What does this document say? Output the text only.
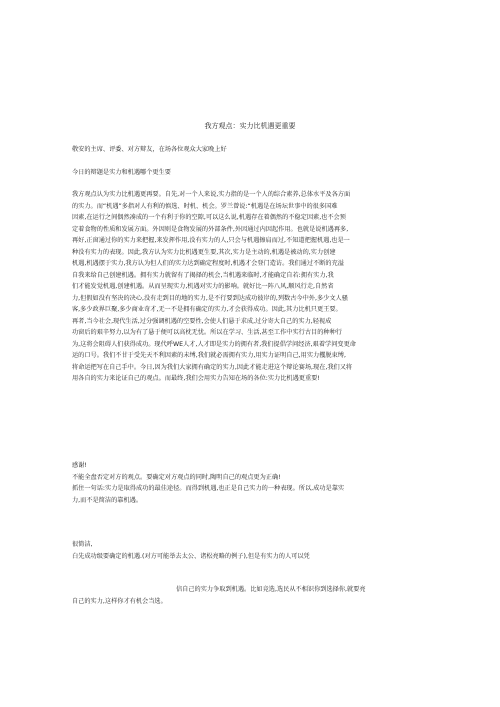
我方观点：实力比机遇更重要
敬安的主席、评委、对方辩友，在场各位观众大家晚上好
今日的辩题是实力和机遇哪个更生要
我方观点认为实力比机遇更再要。自先,对一个人来说,实力指的是一个人的综合素养,总体水平及各方面
的实力。而“机遇”多指对人有利的慎选、时机、机会。罗兰曾说:“机遇是在场坛世事中的很多国难
因素,在运行之间偶然凑成的一个有利于你的空隙,可以这么说,机遇存在着偶然的不稳定因素,也不会预
定着食物的性质和发展方面。外因则是食物发展的外部条件,外因通过内因起作用。也就是说机遇再多,
再好,正窗通过你的实力来把握,来发挥作用,没有实力的人,只会与机遇擦肩而过,不知道把握机遇,也是一
种没有实力的表现。因此,我方认为实力比机遇更生要,其次,实力是主动的,机遇是被动的,实力创建
机遇,机遇摆于实力,我方认为但人们的实力达到确定程度时,机遇才会登门造访。我们通过不断的充溢
自我来给自己创建机遇。拥有实力就留有了揭择的机会,当机遇来临时,才能确定自若:拥有实力,我
们才能发觉机遇,创建机遇。从而呈现实力,机遇对实力的影响。就好比一阵八风,顺风行走,自然省
力,但假如没有坚决的决心,没有走到目的地的实力,是不行要到达成功彼岸的,列数古今中外,多少文人骚
客,多少政界巨聚,多少商业奇才,无一不是拥有确定的实力,才会获得成功。因此,其力比机只更王要。
再者,当今社会,现代生活,过分强调机遇的空要性,会使人们悬于求成,过分寄大自己的实力,轻视成
功窗后的艰辛努力,以为有了悬于便可以高枕无忧。所以在学习、生活,甚至工作中实行古目的种种行
为,这将会阻碍人们获得成功。现代呼WE人才,人才即是实力的拥有者,我们提倡学问经济,艰着学问变更命
运的口号。我们不甘于受先天不利因素的未缚,我们就必需拥有实力,用实力证明自己,用实力攫脱束缚,
将命运把写在自己手中。今日,因为我们大家拥有确定的实力,因此才能走进这个辩论赛场,现在,我们又将
用各自的实力来论证自己的观点。而最终,我们会用实力告知在场的各位:实力比机遇更重要!
感谢!
不能全盘否定对方的观点。要确定对方观点的同时,陶明自己的观点更为正确!
抓住一句话:实力是取得成功的最佳途径。而得到机遇,也正是自己实力的一种表现。所以,成功是靠实
力,而不是简洁的靠机遇。
很简洁,
白先成功级要确定的机遇.(对方可能举去太公、诸松亮略的例子),但是有实力的人可以凭
信自己的实力争取到机遇。比如竞选,选民从不相识你到选择你,就要亮
自己的实力,这样你才有机会当选。
